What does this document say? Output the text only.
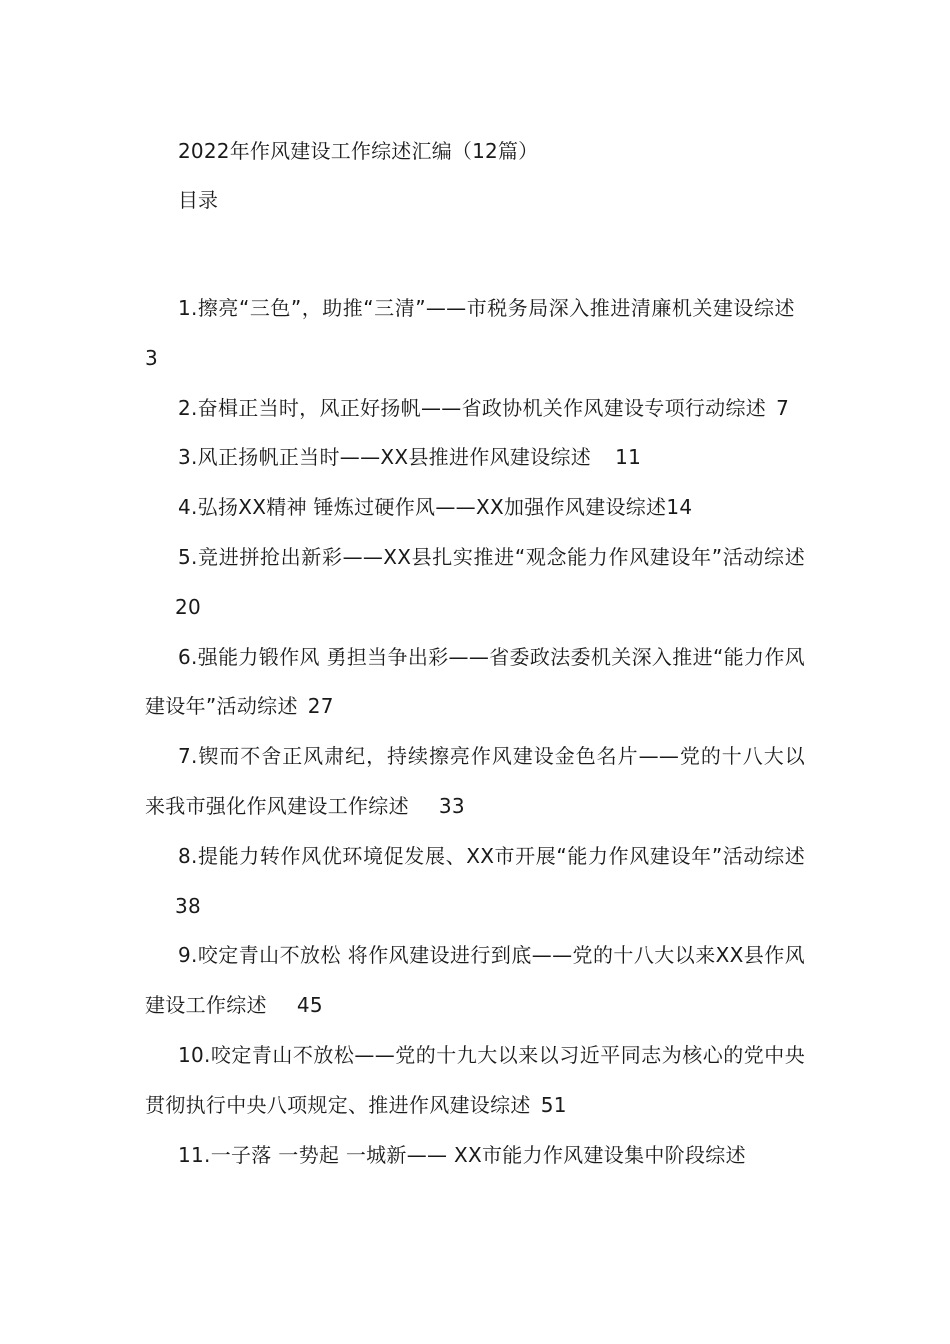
2022年作风建设工作综述汇编（12篇）
目录
1.擦亮“三色”，助推“三清”——市税务局深入推进清廉机关建设综述3
2.奋楫正当时，风正好扬帆——省政协机关作风建设专项行动综述 7
3.风正扬帆正当时——XX县推进作风建设综述 11
4.弘扬XX精神 锤炼过硬作风——XX加强作风建设综述14
5.竞进拼抢出新彩——XX县扎实推进“观念能力作风建设年”活动综述20
6.强能力锻作风 勇担当争出彩——省委政法委机关深入推进“能力作风建设年”活动综述 27
7.锲而不舍正风肃纪，持续擦亮作风建设金色名片——党的十八大以来我市强化作风建设工作综述 33
8.提能力转作风优环境促发展、XX市开展“能力作风建设年”活动综述38
9.咬定青山不放松 将作风建设进行到底——党的十八大以来XX县作风建设工作综述 45
10.咬定青山不放松——党的十九大以来以习近平同志为核心的党中央贯彻执行中央八项规定、推进作风建设综述 51
11.一子落 一势起 一城新—— XX市能力作风建设集中阶段综述
